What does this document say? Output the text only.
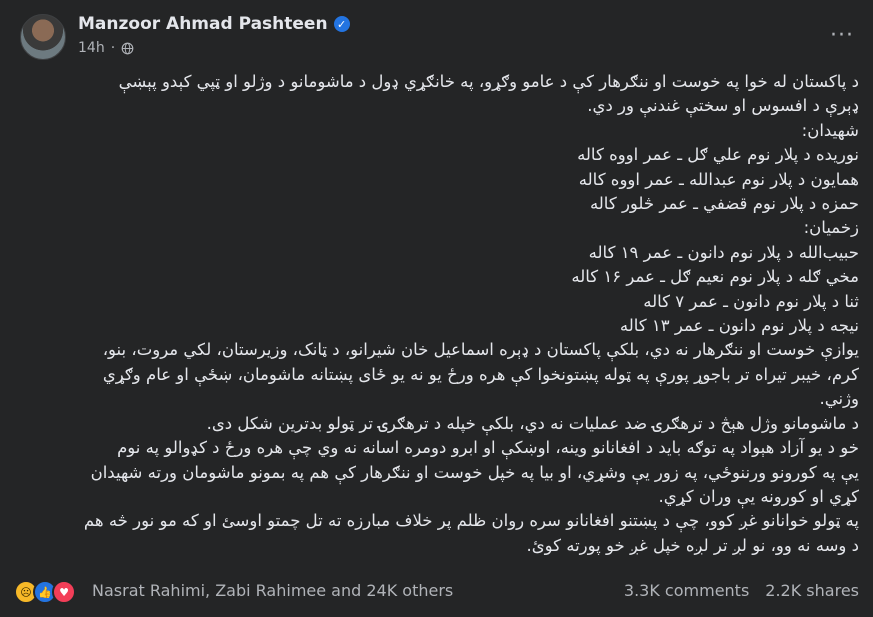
Manzoor Ahmad Pashteen ✓
14h ·
···

د پاکستان له خوا په خوست او ننګرهار کې د عامو وګړو، په خانګړي ډول د ماشومانو د وژلو او ټپي کېدو پېښې

ډېرې د افسوس او سختې غندنې ور دي.

شهیدان:

نوریده د پلار نوم علي ګل ـ عمر اووه کاله

همایون د پلار نوم عبدالله ـ عمر اووه کاله

حمزه د پلار نوم قضفي ـ عمر څلور کاله

زخمیان:

حبیب‌الله د پلار نوم دانون ـ عمر ۱۹ کاله

مخي ګله د پلار نوم نعیم ګل ـ عمر ۱۶ کاله

ثنا د پلار نوم دانون ـ عمر ۷ کاله

نیجه د پلار نوم دانون ـ عمر ۱۳ کاله

یوازې خوست او ننګرهار نه دي، بلکې پاکستان د ډېره اسماعیل خان شیرانو، د ټانک، وزیرستان، لکي مروت، بنو،

کرم، خیبر تیراه تر باجوړ پورې په ټوله پښتونخوا کې هره ورځ یو نه یو ځای پښتانه ماشومان، ښځې او عام وګړي

وژني.

د ماشومانو وژل هېڅ د ترهګرۍ ضد عملیات نه دي، بلکې خپله د ترهګرۍ تر ټولو بدترین شکل دی.

خو د یو آزاد هېواد په توګه باید د افغانانو وینه، اوښکې او ابرو دومره اسانه نه وي چې هره ورځ د کډوالو په نوم

یې په کورونو ورننوځي، په زور یې وشړي، او بیا په خپل خوست او ننګرهار کې هم په بمونو ماشومان ورته شهیدان

کړي او کورونه یې وران کړي.

په ټولو خوانانو غږ کوو، چې د پښتنو افغانانو سره روان ظلم پر خلاف مبارزه ته تل چمتو اوسئ او که مو نور څه هم

د وسه نه وو، نو لږ تر لږه خپل غږ خو پورته کوئ.

☹ 👍 ♥	Nasrat Rahimi, Zabi Rahimee and 24K others	3.3K comments 2.2K shares
